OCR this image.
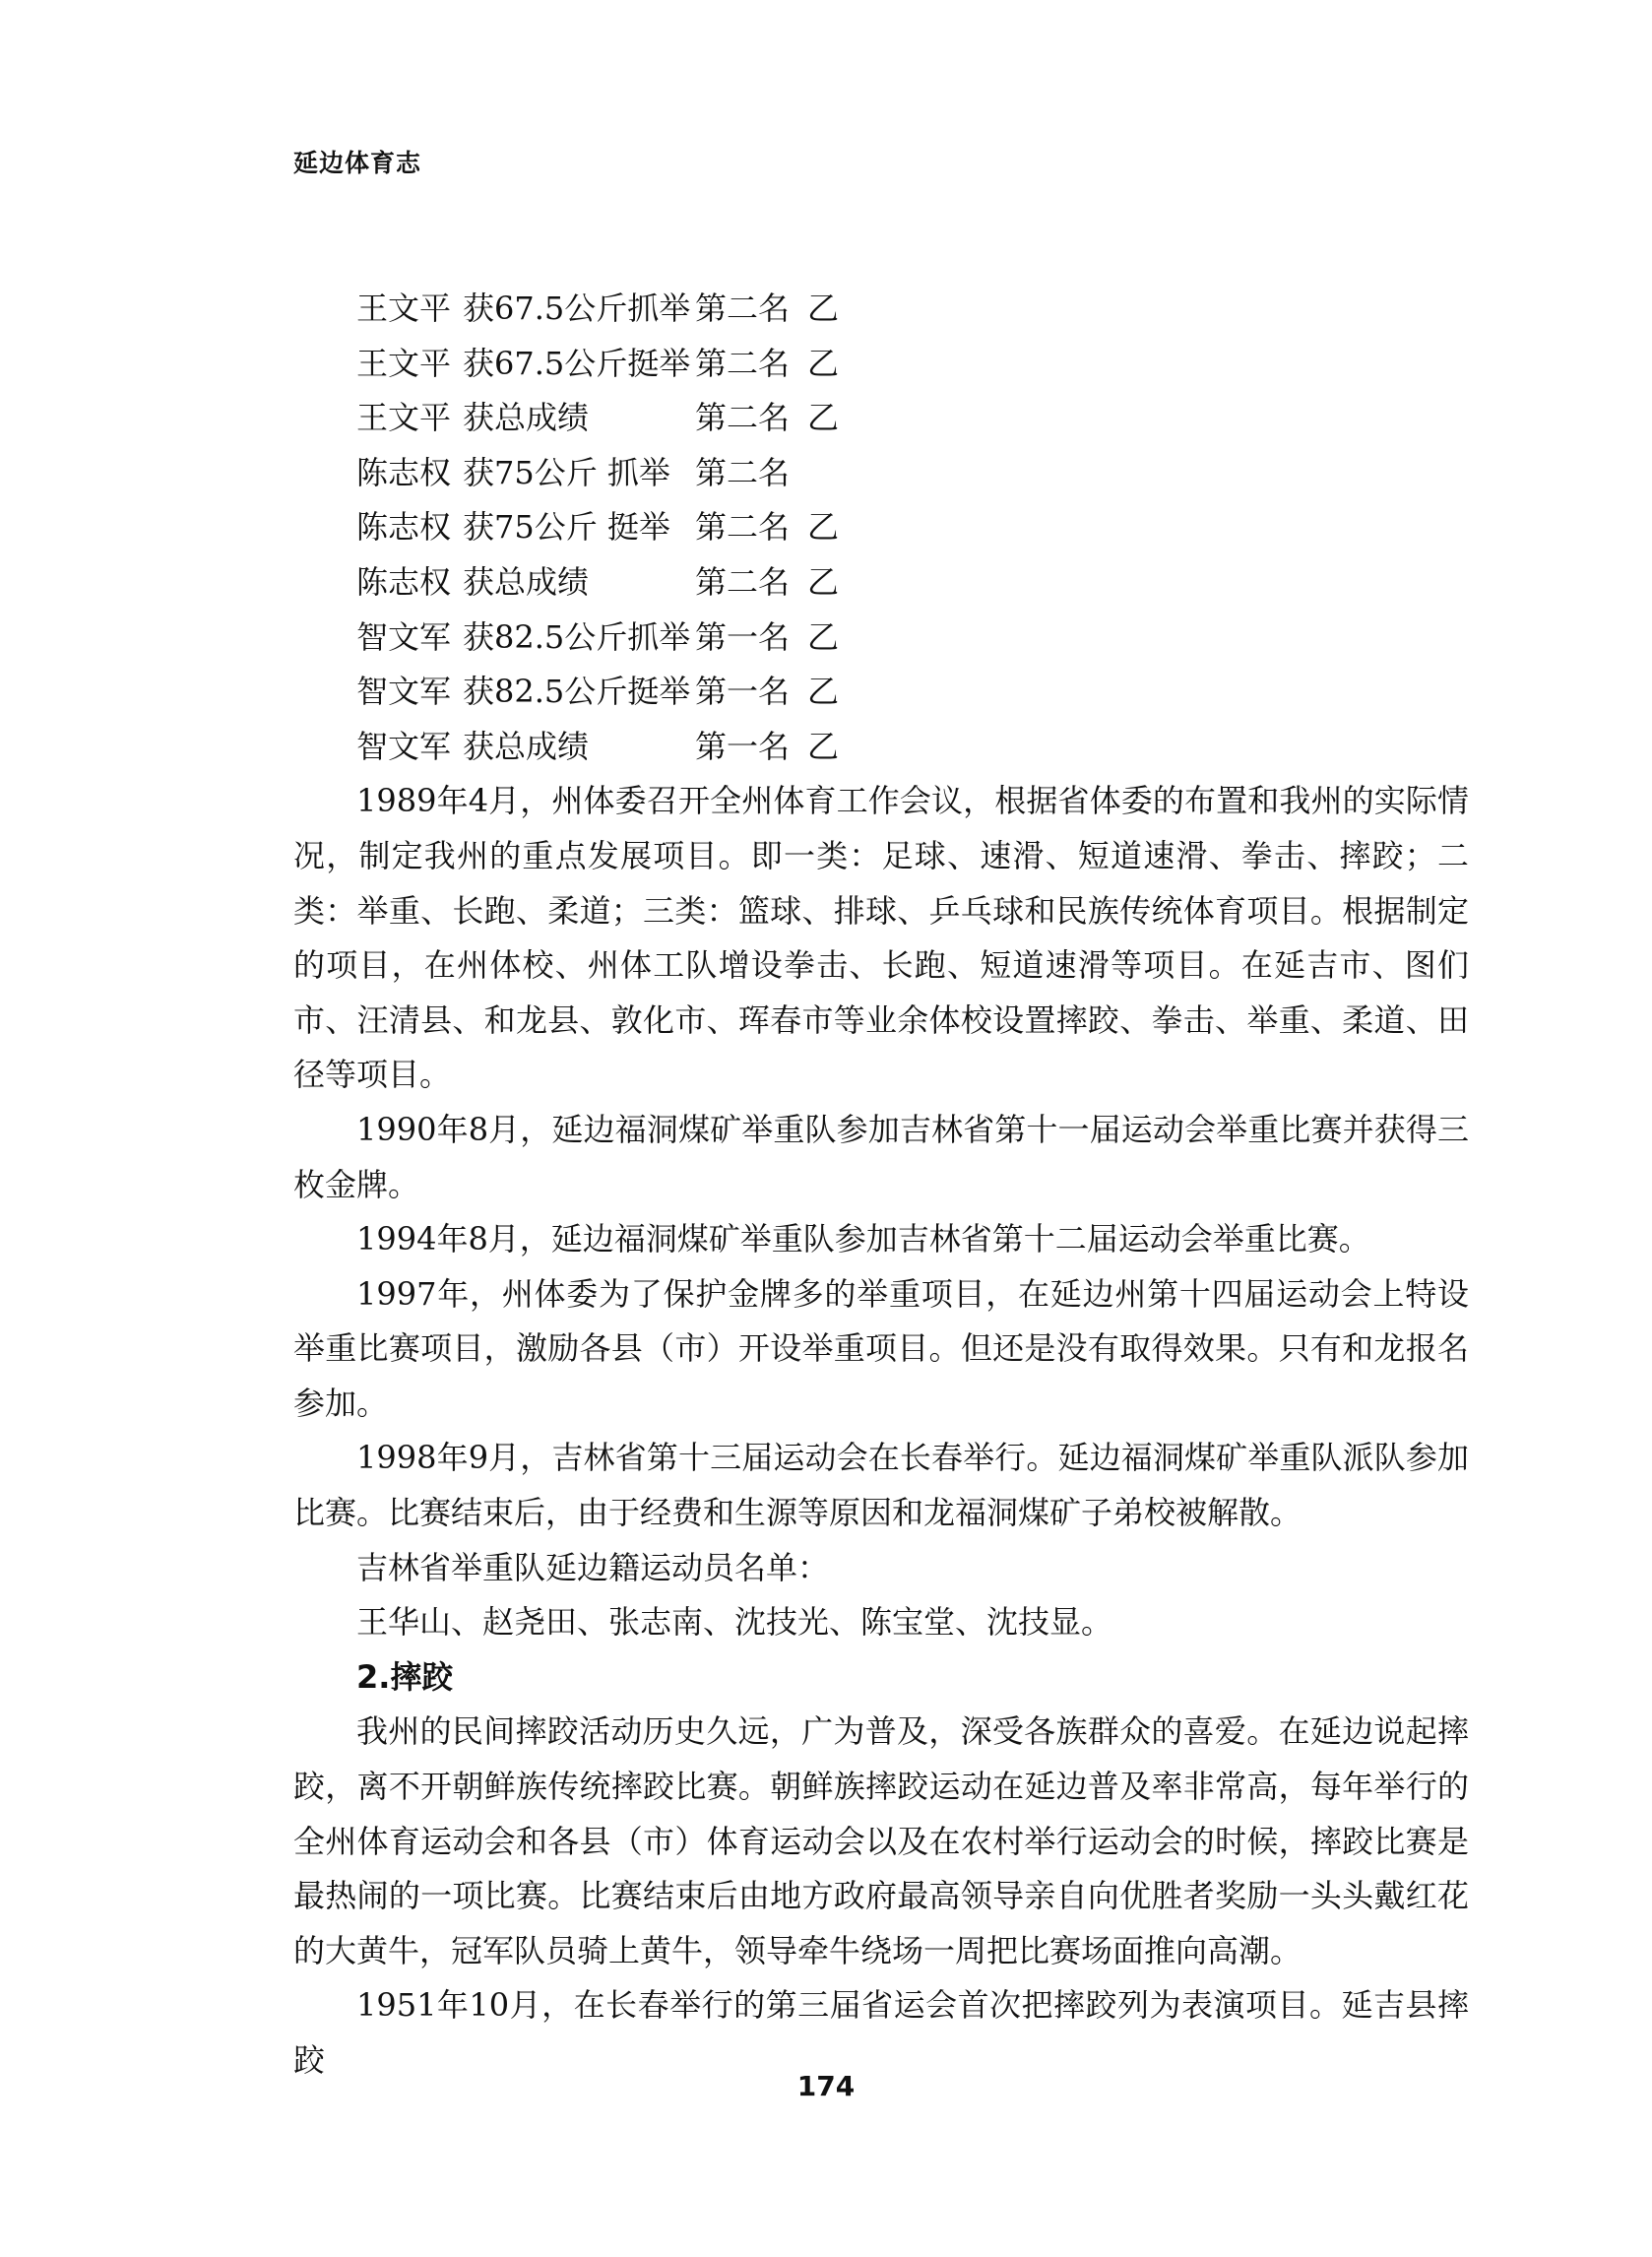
延边体育志
王文平 获67.5公斤抓举 第二名 乙
王文平 获67.5公斤挺举 第二名 乙
王文平 获总成绩	第二名 乙
陈志权 获75公斤 抓举 第二名
陈志权 获75公斤 挺举 第二名 乙
陈志权 获总成绩	第二名 乙
智文军 获82.5公斤抓举 第一名 乙
智文军 获82.5公斤挺举 第一名 乙
智文军 获总成绩	第一名 乙

1989年4月，州体委召开全州体育工作会议，根据省体委的布置和我州的实际情况，制定我州的重点发展项目。即一类：足球、速滑、短道速滑、拳击、摔跤；二类：举重、长跑、柔道；三类：篮球、排球、乒乓球和民族传统体育项目。根据制定的项目，在州体校、州体工队增设拳击、长跑、短道速滑等项目。在延吉市、图们市、汪清县、和龙县、敦化市、珲春市等业余体校设置摔跤、拳击、举重、柔道、田径等项目。

1990年8月，延边福洞煤矿举重队参加吉林省第十一届运动会举重比赛并获得三枚金牌。

1994年8月，延边福洞煤矿举重队参加吉林省第十二届运动会举重比赛。

1997年，州体委为了保护金牌多的举重项目，在延边州第十四届运动会上特设举重比赛项目，激励各县（市）开设举重项目。但还是没有取得效果。只有和龙报名参加。

1998年9月，吉林省第十三届运动会在长春举行。延边福洞煤矿举重队派队参加比赛。比赛结束后，由于经费和生源等原因和龙福洞煤矿子弟校被解散。

吉林省举重队延边籍运动员名单：

王华山、赵尧田、张志南、沈技光、陈宝堂、沈技显。

2.摔跤

我州的民间摔跤活动历史久远，广为普及，深受各族群众的喜爱。在延边说起摔跤，离不开朝鲜族传统摔跤比赛。朝鲜族摔跤运动在延边普及率非常高，每年举行的全州体育运动会和各县（市）体育运动会以及在农村举行运动会的时候，摔跤比赛是最热闹的一项比赛。比赛结束后由地方政府最高领导亲自向优胜者奖励一头头戴红花的大黄牛，冠军队员骑上黄牛，领导牵牛绕场一周把比赛场面推向高潮。

1951年10月，在长春举行的第三届省运会首次把摔跤列为表演项目。延吉县摔跤

174
